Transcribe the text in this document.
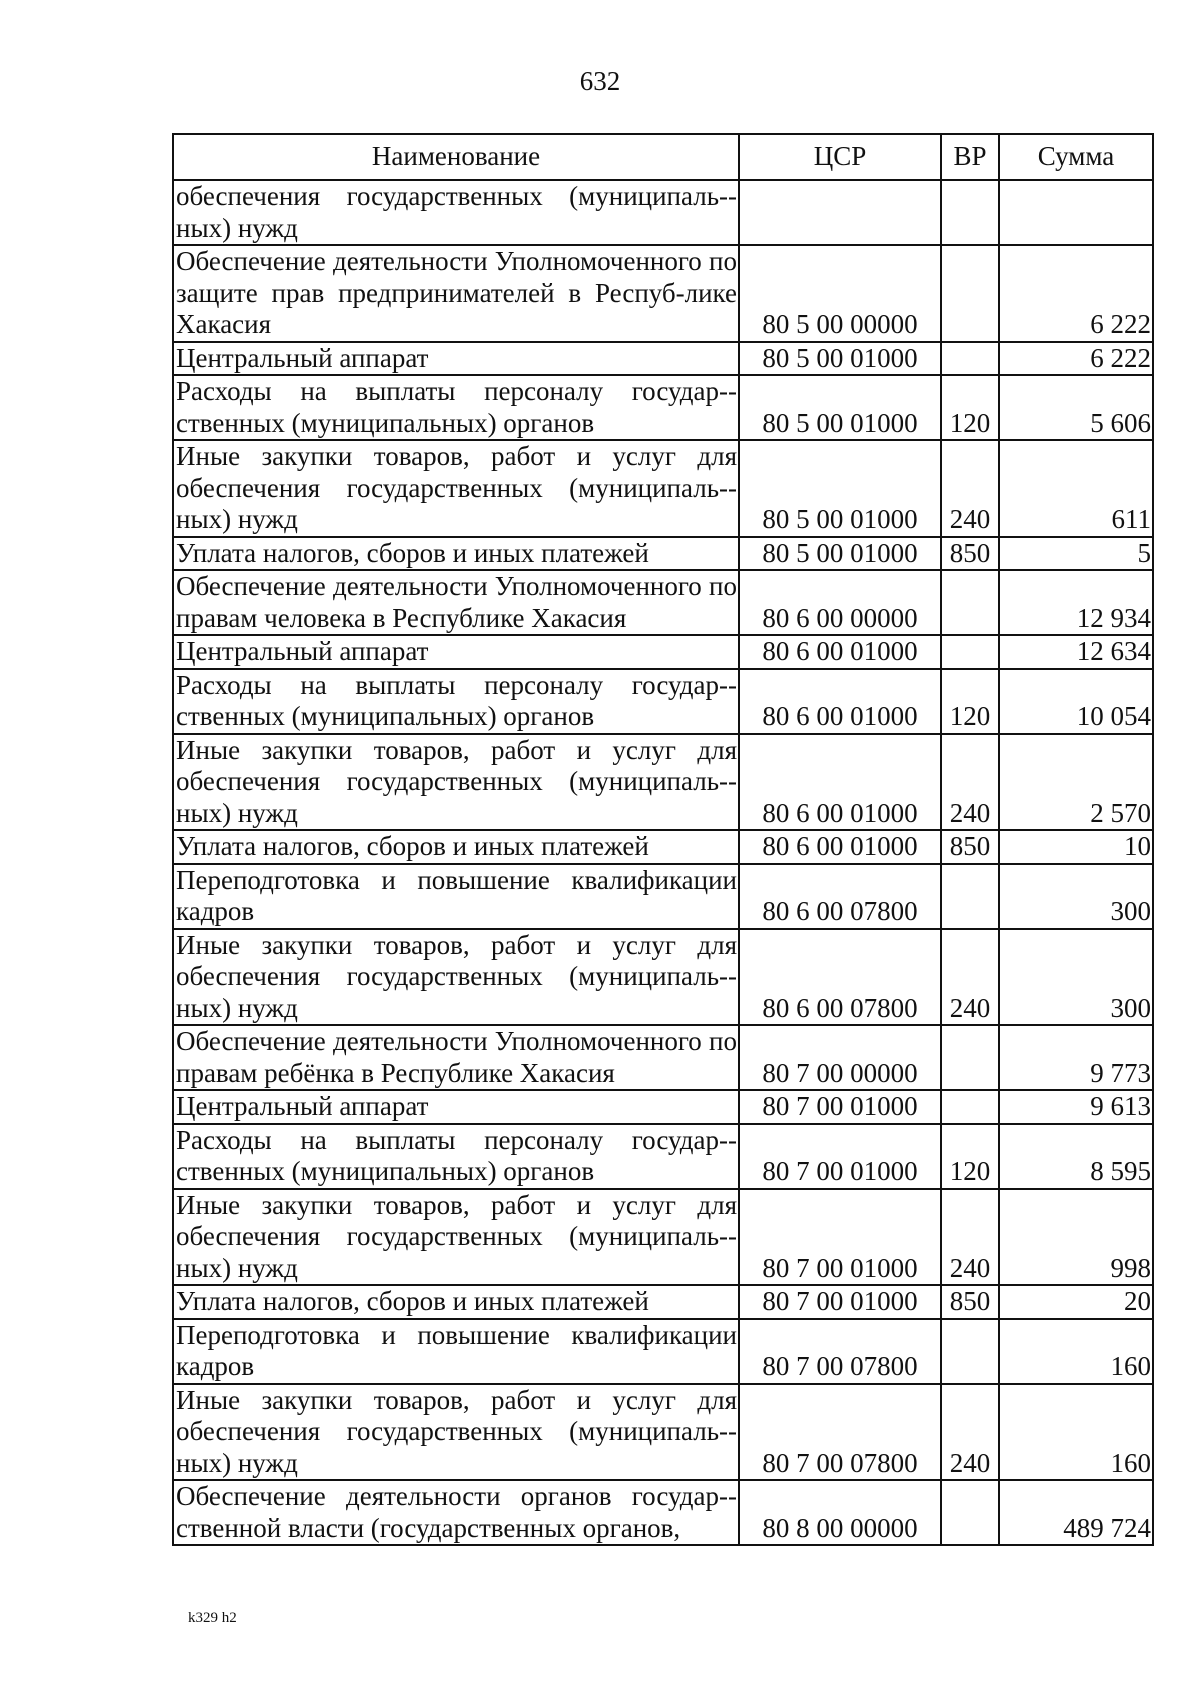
632
Наименование	ЦСР	ВР	Сумма
обеспечения государственных (муниципаль-ных) нужд			
Обеспечение деятельности Уполномоченного по защите прав предпринимателей в Респуб-лике Хакасия	80 5 00 00000		6 222
Центральный аппарат	80 5 00 01000		6 222
Расходы на выплаты персоналу государ-ственных (муниципальных) органов	80 5 00 01000	120	5 606
Иные закупки товаров, работ и услуг для обеспечения государственных (муниципаль-ных) нужд	80 5 00 01000	240	611
Уплата налогов, сборов и иных платежей	80 5 00 01000	850	5
Обеспечение деятельности Уполномоченного по правам человека в Республике Хакасия	80 6 00 00000		12 934
Центральный аппарат	80 6 00 01000		12 634
Расходы на выплаты персоналу государ-ственных (муниципальных) органов	80 6 00 01000	120	10 054
Иные закупки товаров, работ и услуг для обеспечения государственных (муниципаль-ных) нужд	80 6 00 01000	240	2 570
Уплата налогов, сборов и иных платежей	80 6 00 01000	850	10
Переподготовка и повышение квалификации кадров	80 6 00 07800		300
Иные закупки товаров, работ и услуг для обеспечения государственных (муниципаль-ных) нужд	80 6 00 07800	240	300
Обеспечение деятельности Уполномоченного по правам ребёнка в Республике Хакасия	80 7 00 00000		9 773
Центральный аппарат	80 7 00 01000		9 613
Расходы на выплаты персоналу государ-ственных (муниципальных) органов	80 7 00 01000	120	8 595
Иные закупки товаров, работ и услуг для обеспечения государственных (муниципаль-ных) нужд	80 7 00 01000	240	998
Уплата налогов, сборов и иных платежей	80 7 00 01000	850	20
Переподготовка и повышение квалификации кадров	80 7 00 07800		160
Иные закупки товаров, работ и услуг для обеспечения государственных (муниципаль-ных) нужд	80 7 00 07800	240	160
Обеспечение деятельности органов государ-ственной власти (государственных органов,	80 8 00 00000		489 724
k329 h2
